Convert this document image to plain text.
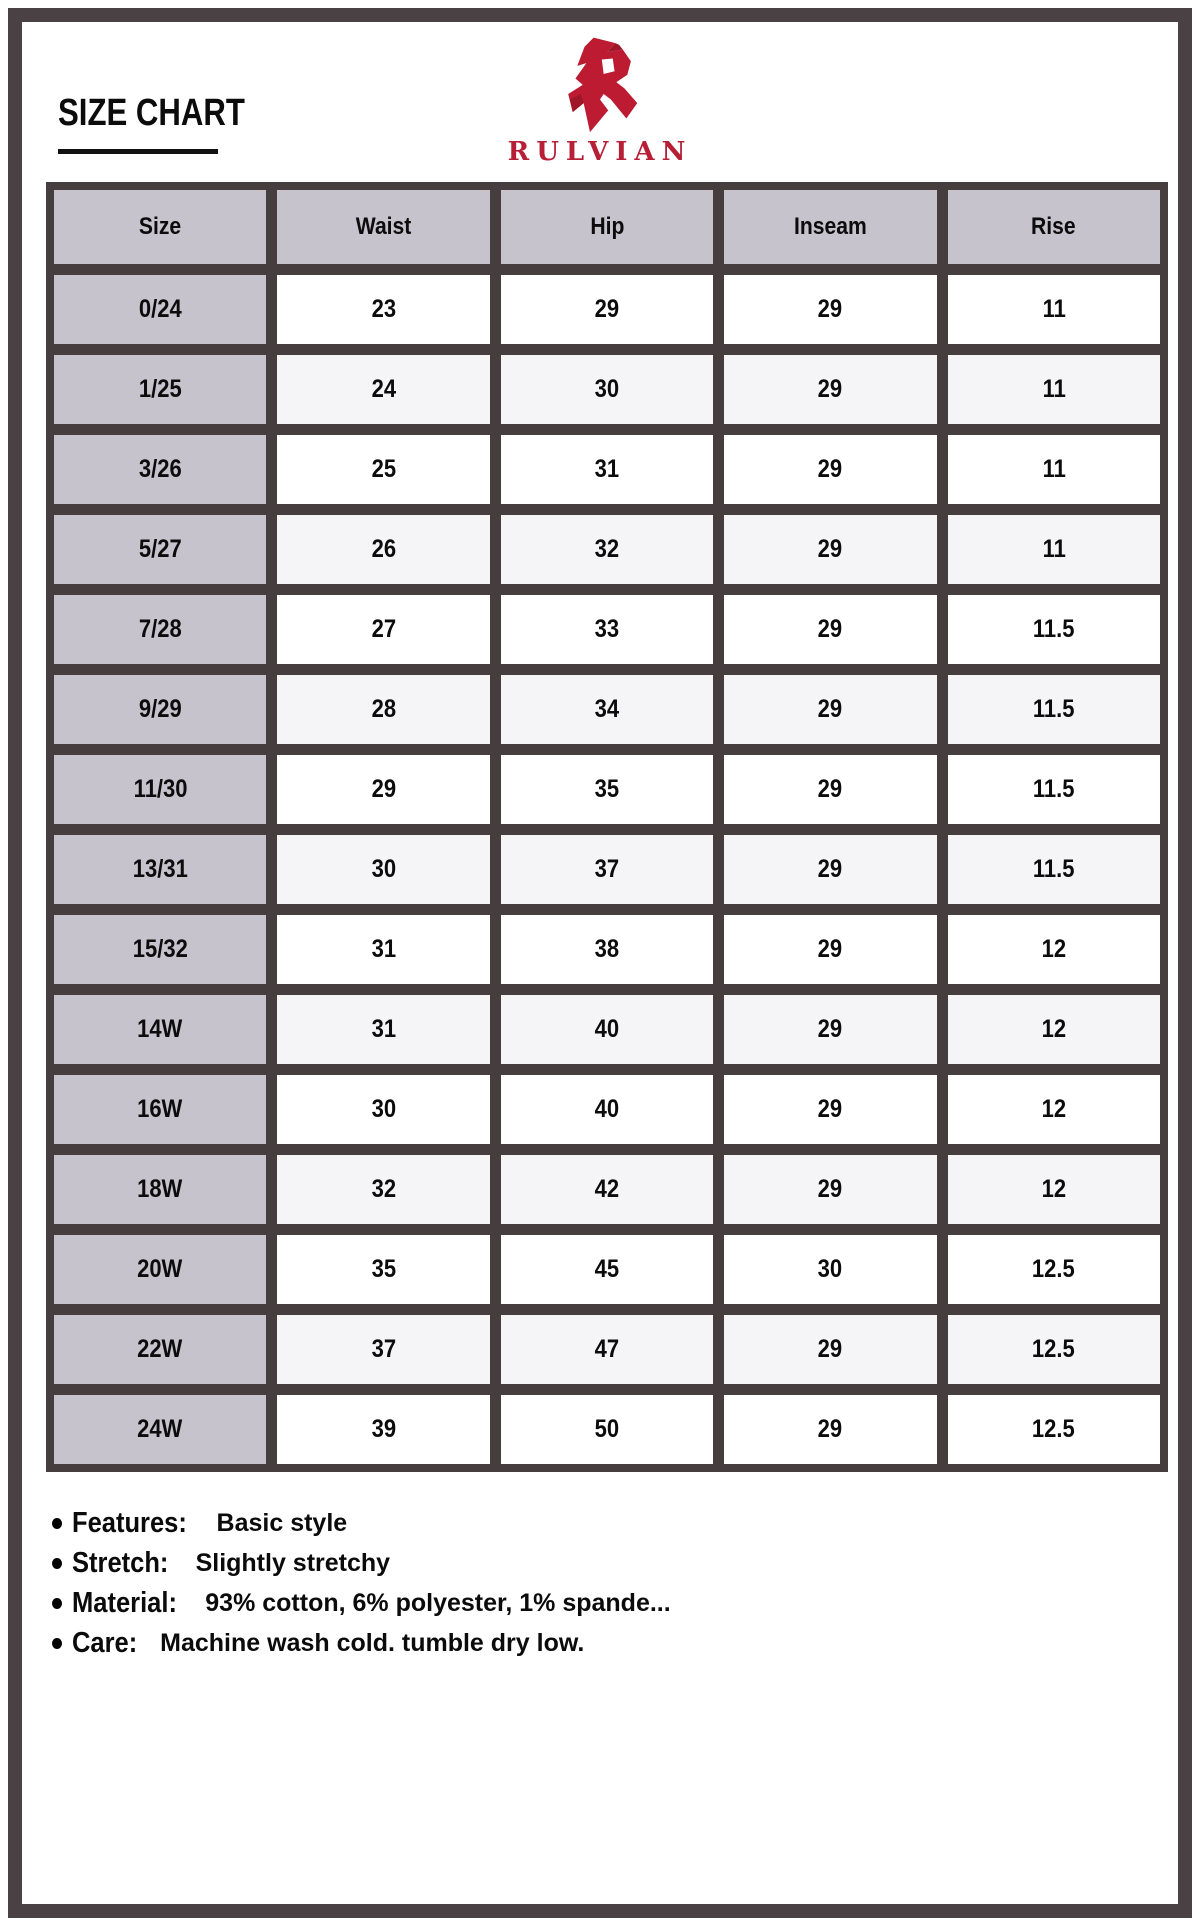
SIZE CHART
RULVIAN
Size	Waist	Hip	Inseam	Rise
0/24	23	29	29	11
1/25	24	30	29	11
3/26	25	31	29	11
5/27	26	32	29	11
7/28	27	33	29	11.5
9/29	28	34	29	11.5
11/30	29	35	29	11.5
13/31	30	37	29	11.5
15/32	31	38	29	12
14W	31	40	29	12
16W	30	40	29	12
18W	32	42	29	12
20W	35	45	30	12.5
22W	37	47	29	12.5
24W	39	50	29	12.5
Features: Basic style
Stretch: Slightly stretchy
Material: 93% cotton, 6% polyester, 1% spande...
Care: Machine wash cold. tumble dry low.
